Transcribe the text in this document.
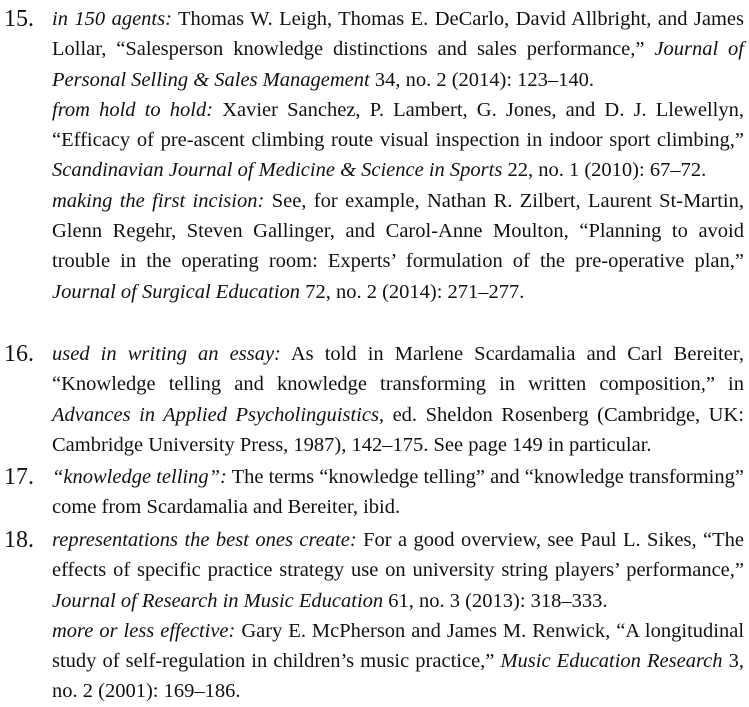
15. in 150 agents: Thomas W. Leigh, Thomas E. DeCarlo, David Allbright, and James Lollar, “Salesperson knowledge distinctions and sales performance,” Journal of Personal Selling & Sales Management 34, no. 2 (2014): 123–140.

from hold to hold: Xavier Sanchez, P. Lambert, G. Jones, and D. J. Llewellyn, “Efficacy of pre-ascent climbing route visual inspection in indoor sport climbing,” Scandinavian Journal of Medicine & Science in Sports 22, no. 1 (2010): 67–72.

making the first incision: See, for example, Nathan R. Zilbert, Laurent St-Martin, Glenn Regehr, Steven Gallinger, and Carol-Anne Moulton, “Planning to avoid trouble in the operating room: Experts’ formulation of the pre-operative plan,” Journal of Surgical Education 72, no. 2 (2014): 271–277.

16. used in writing an essay: As told in Marlene Scardamalia and Carl Bereiter, “Knowledge telling and knowledge transforming in written composition,” in Advances in Applied Psycholinguistics, ed. Sheldon Rosenberg (Cambridge, UK: Cambridge University Press, 1987), 142–175. See page 149 in particular.

17. “knowledge telling”: The terms “knowledge telling” and “knowledge transforming” come from Scardamalia and Bereiter, ibid.

18. representations the best ones create: For a good overview, see Paul L. Sikes, “The effects of specific practice strategy use on university string players’ performance,” Journal of Research in Music Education 61, no. 3 (2013): 318–333.

more or less effective: Gary E. McPherson and James M. Renwick, “A longitudinal study of self-regulation in children’s music practice,” Music Education Research 3, no. 2 (2001): 169–186.
